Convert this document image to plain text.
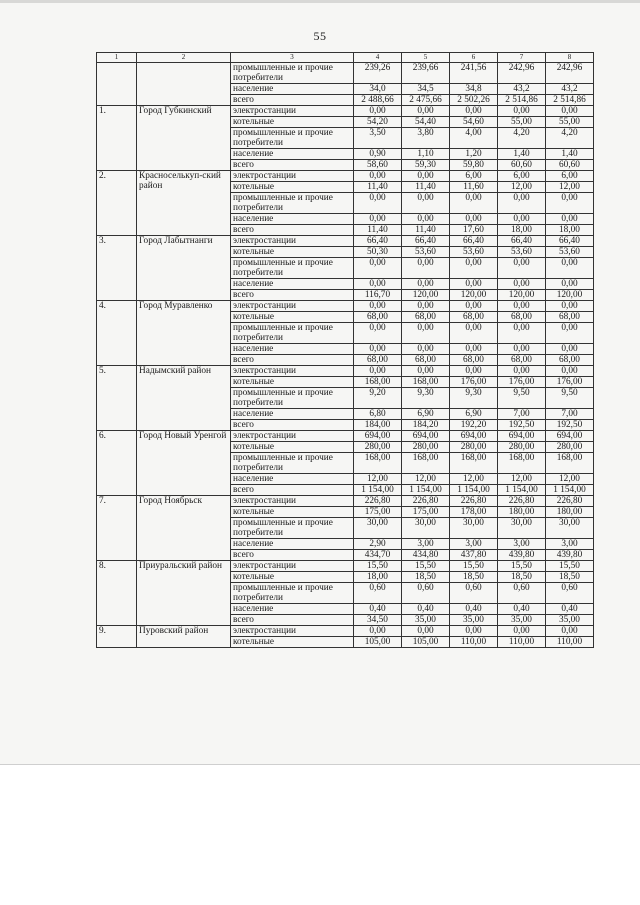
55
1	2	3	4	5	6	7	8
		промышленные и прочие потребители	239,26	239,66	241,56	242,96	242,96
		население	34,0	34,5	34,8	43,2	43,2
		всего	2 488,66	2 475,66	2 502,26	2 514,86	2 514,86
1.	Город Губкинский	электростанции	0,00	0,00	0,00	0,00	0,00
		котельные	54,20	54,40	54,60	55,00	55,00
		промышленные и прочие потребители	3,50	3,80	4,00	4,20	4,20
		население	0,90	1,10	1,20	1,40	1,40
		всего	58,60	59,30	59,80	60,60	60,60
2.	Красноселькуп-ский район	электростанции	0,00	0,00	6,00	6,00	6,00
		котельные	11,40	11,40	11,60	12,00	12,00
		промышленные и прочие потребители	0,00	0,00	0,00	0,00	0,00
		население	0,00	0,00	0,00	0,00	0,00
		всего	11,40	11,40	17,60	18,00	18,00
3.	Город Лабытнанги	электростанции	66,40	66,40	66,40	66,40	66,40
		котельные	50,30	53,60	53,60	53,60	53,60
		промышленные и прочие потребители	0,00	0,00	0,00	0,00	0,00
		население	0,00	0,00	0,00	0,00	0,00
		всего	116,70	120,00	120,00	120,00	120,00
4.	Город Муравленко	электростанции	0,00	0,00	0,00	0,00	0,00
		котельные	68,00	68,00	68,00	68,00	68,00
		промышленные и прочие потребители	0,00	0,00	0,00	0,00	0,00
		население	0,00	0,00	0,00	0,00	0,00
		всего	68,00	68,00	68,00	68,00	68,00
5.	Надымский район	электростанции	0,00	0,00	0,00	0,00	0,00
		котельные	168,00	168,00	176,00	176,00	176,00
		промышленные и прочие потребители	9,20	9,30	9,30	9,50	9,50
		население	6,80	6,90	6,90	7,00	7,00
		всего	184,00	184,20	192,20	192,50	192,50
6.	Город Новый Уренгой	электростанции	694,00	694,00	694,00	694,00	694,00
		котельные	280,00	280,00	280,00	280,00	280,00
		промышленные и прочие потребители	168,00	168,00	168,00	168,00	168,00
		население	12,00	12,00	12,00	12,00	12,00
		всего	1 154,00	1 154,00	1 154,00	1 154,00	1 154,00
7.	Город Ноябрьск	электростанции	226,80	226,80	226,80	226,80	226,80
		котельные	175,00	175,00	178,00	180,00	180,00
		промышленные и прочие потребители	30,00	30,00	30,00	30,00	30,00
		население	2,90	3,00	3,00	3,00	3,00
		всего	434,70	434,80	437,80	439,80	439,80
8.	Приуральский район	электростанции	15,50	15,50	15,50	15,50	15,50
		котельные	18,00	18,50	18,50	18,50	18,50
		промышленные и прочие потребители	0,60	0,60	0,60	0,60	0,60
		население	0,40	0,40	0,40	0,40	0,40
		всего	34,50	35,00	35,00	35,00	35,00
9.	Пуровский район	электростанции	0,00	0,00	0,00	0,00	0,00
		котельные	105,00	105,00	110,00	110,00	110,00
